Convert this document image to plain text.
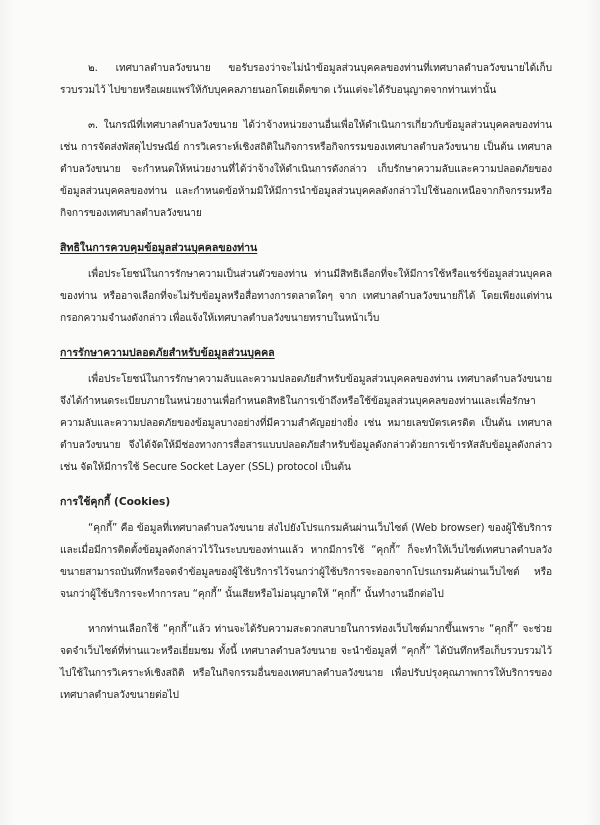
๒. เทศบาลตำบลวังขนาย ขอรับรองว่าจะไม่นำข้อมูลส่วนบุคคลของท่านที่เทศบาลตำบลวังขนายได้เก็บรวบรวมไว้ ไปขายหรือเผยแพร่ให้กับบุคคลภายนอกโดยเด็ดขาด เว้นแต่จะได้รับอนุญาตจากท่านเท่านั้น

๓. ในกรณีที่เทศบาลตำบลวังขนาย ได้ว่าจ้างหน่วยงานอื่นเพื่อให้ดำเนินการเกี่ยวกับข้อมูลส่วนบุคคลของท่าน เช่น การจัดส่งพัสดุไปรษณีย์ การวิเคราะห์เชิงสถิติในกิจการหรือกิจกรรมของเทศบาลตำบลวังขนาย เป็นต้น เทศบาลตำบลวังขนาย จะกำหนดให้หน่วยงานที่ได้ว่าจ้างให้ดำเนินการดังกล่าว เก็บรักษาความลับและความปลอดภัยของข้อมูลส่วนบุคคลของท่าน และกำหนดข้อห้ามมิให้มีการนำข้อมูลส่วนบุคคลดังกล่าวไปใช้นอกเหนือจากกิจกรรมหรือกิจการของเทศบาลตำบลวังขนาย

สิทธิในการควบคุมข้อมูลส่วนบุคคลของท่าน

เพื่อประโยชน์ในการรักษาความเป็นส่วนตัวของท่าน ท่านมีสิทธิเลือกที่จะให้มีการใช้หรือแชร์ข้อมูลส่วนบุคคลของท่าน หรืออาจเลือกที่จะไม่รับข้อมูลหรือสื่อทางการตลาดใดๆ จาก เทศบาลตำบลวังขนายก็ได้ โดยเพียงแต่ท่านกรอกความจำนงดังกล่าว เพื่อแจ้งให้เทศบาลตำบลวังขนายทราบในหน้าเว็บ

การรักษาความปลอดภัยสำหรับข้อมูลส่วนบุคคล

เพื่อประโยชน์ในการรักษาความลับและความปลอดภัยสำหรับข้อมูลส่วนบุคคลของท่าน เทศบาลตำบลวังขนาย จึงได้กำหนดระเบียบภายในหน่วยงานเพื่อกำหนดสิทธิในการเข้าถึงหรือใช้ข้อมูลส่วนบุคคลของท่านและเพื่อรักษาความลับและความปลอดภัยของข้อมูลบางอย่างที่มีความสำคัญอย่างยิ่ง เช่น หมายเลขบัตรเครดิต เป็นต้น เทศบาลตำบลวังขนาย จึงได้จัดให้มีช่องทางการสื่อสารแบบปลอดภัยสำหรับข้อมูลดังกล่าวด้วยการเข้ารหัสลับข้อมูลดังกล่าว เช่น จัดให้มีการใช้ Secure Socket Layer (SSL) protocol เป็นต้น

การใช้คุกกี้ (Cookies)

“คุกกี้” คือ ข้อมูลที่เทศบาลตำบลวังขนาย ส่งไปยังโปรแกรมค้นผ่านเว็บไซต์ (Web browser) ของผู้ใช้บริการ และเมื่อมีการติดตั้งข้อมูลดังกล่าวไว้ในระบบของท่านแล้ว หากมีการใช้ “คุกกี้” ก็จะทำให้เว็บไซต์เทศบาลตำบลวังขนายสามารถบันทึกหรือจดจำข้อมูลของผู้ใช้บริการไว้จนกว่าผู้ใช้บริการจะออกจากโปรแกรมค้นผ่านเว็บไซต์ หรือจนกว่าผู้ใช้บริการจะทำการลบ “คุกกี้” นั้นเสียหรือไม่อนุญาตให้ “คุกกี้” นั้นทำงานอีกต่อไป

หากท่านเลือกใช้ “คุกกี้”แล้ว ท่านจะได้รับความสะดวกสบายในการท่องเว็บไซต์มากขึ้นเพราะ “คุกกี้” จะช่วยจดจำเว็บไซต์ที่ท่านแวะหรือเยี่ยมชม ทั้งนี้ เทศบาลตำบลวังขนาย จะนำข้อมูลที่ “คุกกี้” ได้บันทึกหรือเก็บรวบรวมไว้ไปใช้ในการวิเคราะห์เชิงสถิติ หรือในกิจกรรมอื่นของเทศบาลตำบลวังขนาย เพื่อปรับปรุงคุณภาพการให้บริการของเทศบาลตำบลวังขนายต่อไป
